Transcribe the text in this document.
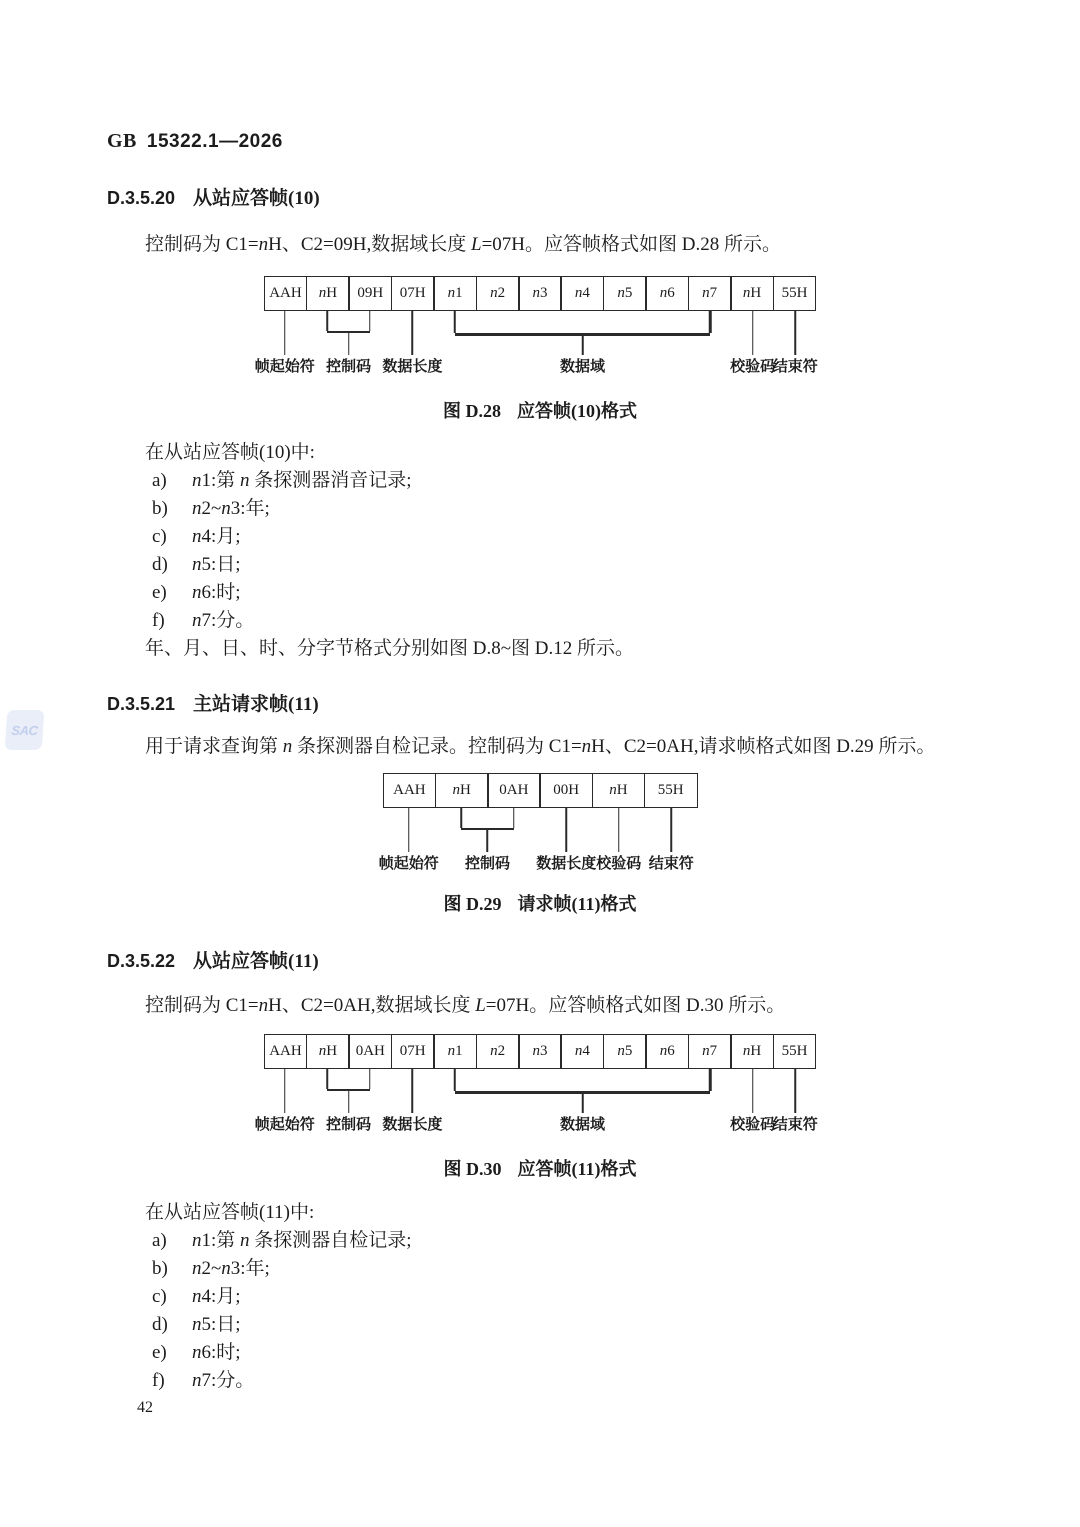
SAC
GB 15322.1—2026
D.3.5.20 从站应答帧(10)
控制码为 C1=nH、C2=09H,数据域长度 L=07H。应答帧格式如图 D.28 所示。
AAH	nH	09H	07H	n1	n2	n3	n4	n5	n6	n7	nH	55H
帧起始符 控制码 数据长度	数据域	校验码
结束符
图 D.28 应答帧(10)格式
在从站应答帧(10)中:
a)	n1:第 n 条探测器消音记录;
b)	n2~n3:年;
c)	n4:月;
d)	n5:日;
e)	n6:时;
f)	n7:分。
年、月、日、时、分字节格式分别如图 D.8~图 D.12 所示。
D.3.5.21 主站请求帧(11)
用于请求查询第 n 条探测器自检记录。控制码为 C1=nH、C2=0AH,请求帧格式如图 D.29 所示。
AAH	nH	0AH	00H	nH	55H
帧起始符 控制码 数据长度 校验码 结束符
图 D.29 请求帧(11)格式
D.3.5.22 从站应答帧(11)
控制码为 C1=nH、C2=0AH,数据域长度 L=07H。应答帧格式如图 D.30 所示。
AAH	nH	0AH 07H	n1	n2	n3	n4	n5	n6	n7	nH	55H
帧起始符 控制码 数据长度	数据域	校验码
结束符
图 D.30 应答帧(11)格式
在从站应答帧(11)中:
a)	n1:第 n 条探测器自检记录;
b)	n2~n3:年;
c)	n4:月;
d)	n5:日;
e)	n6:时;
f)	n7:分。
42
